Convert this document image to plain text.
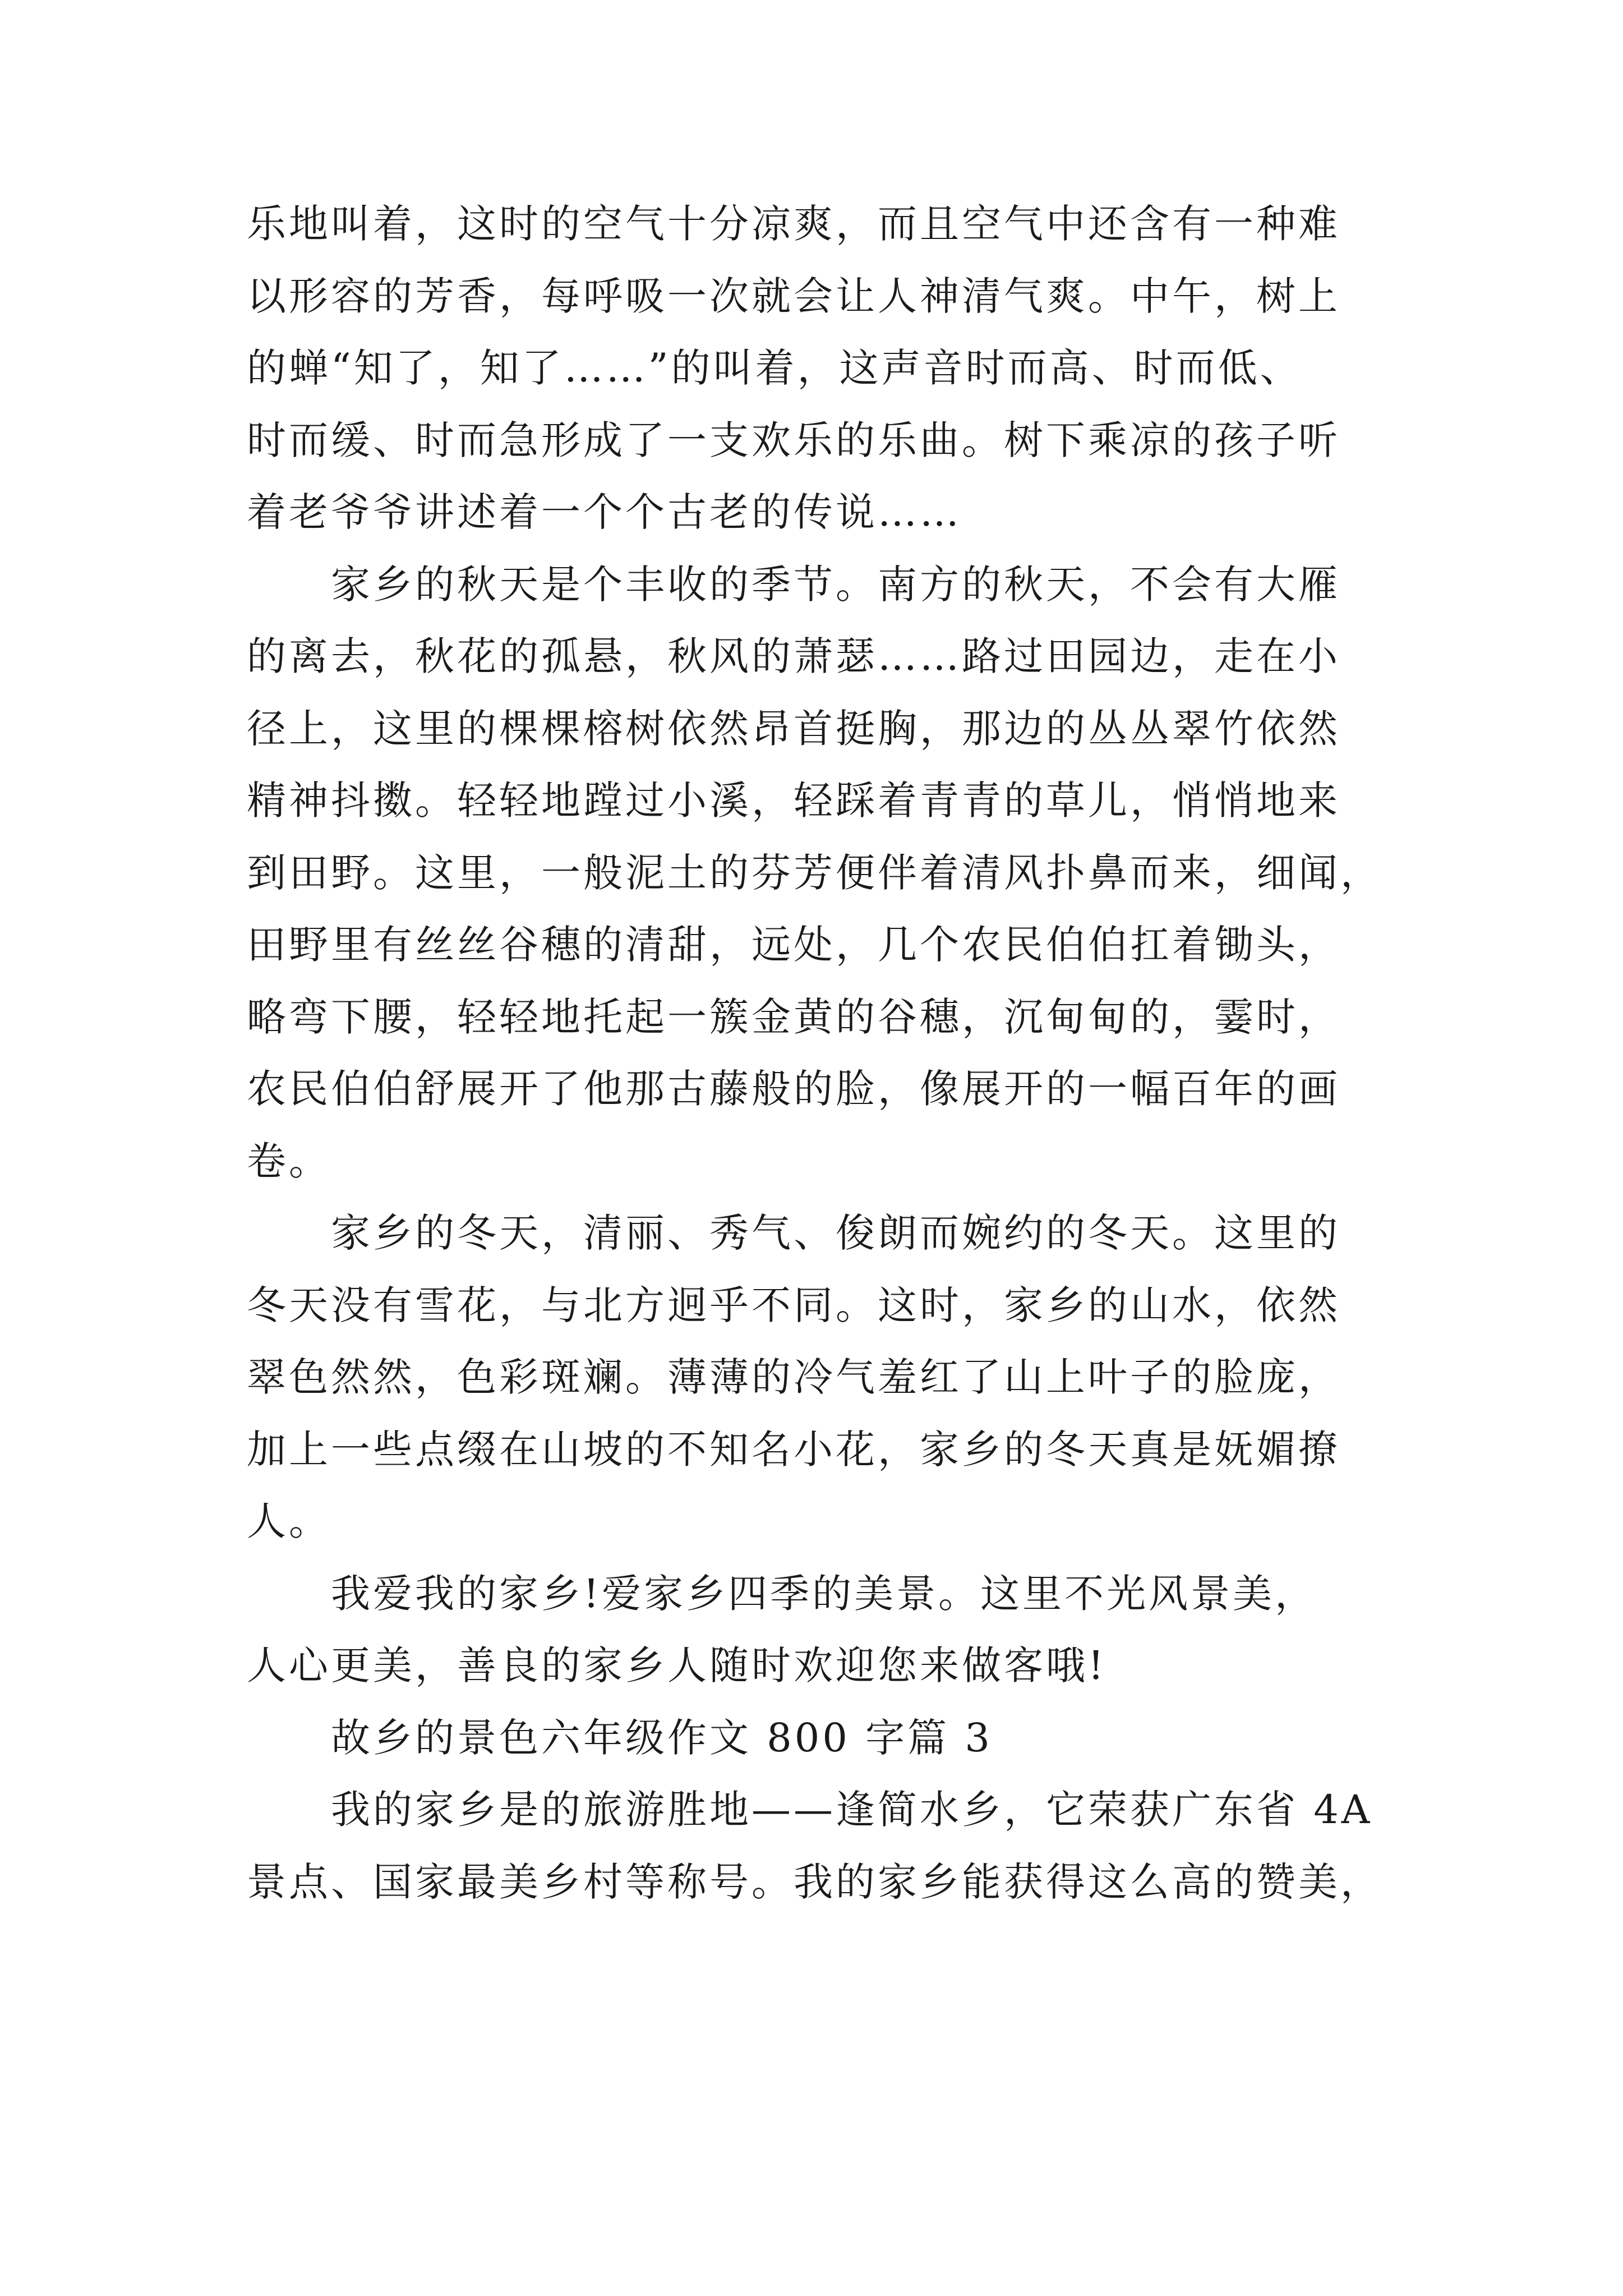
乐地叫着，这时的空气十分凉爽，而且空气中还含有一种难
以形容的芳香，每呼吸一次就会让人神清气爽。中午，树上
的蝉“知了，知了……”的叫着，这声音时而高、时而低、
时而缓、时而急形成了一支欢乐的乐曲。树下乘凉的孩子听
着老爷爷讲述着一个个古老的传说……

家乡的秋天是个丰收的季节。南方的秋天，不会有大雁
的离去，秋花的孤悬，秋风的萧瑟……路过田园边，走在小
径上，这里的棵棵榕树依然昂首挺胸，那边的丛丛翠竹依然
精神抖擞。轻轻地蹚过小溪，轻踩着青青的草儿，悄悄地来
到田野。这里，一般泥土的芬芳便伴着清风扑鼻而来，细闻，
田野里有丝丝谷穗的清甜，远处，几个农民伯伯扛着锄头，
略弯下腰，轻轻地托起一簇金黄的谷穗，沉甸甸的，霎时，
农民伯伯舒展开了他那古藤般的脸，像展开的一幅百年的画
卷。

家乡的冬天，清丽、秀气、俊朗而婉约的冬天。这里的
冬天没有雪花，与北方迥乎不同。这时，家乡的山水，依然
翠色然然，色彩斑斓。薄薄的冷气羞红了山上叶子的脸庞，
加上一些点缀在山坡的不知名小花，家乡的冬天真是妩媚撩
人。

我爱我的家乡!爱家乡四季的美景。这里不光风景美，
人心更美，善良的家乡人随时欢迎您来做客哦!

故乡的景色六年级作文 800 字篇 3

我的家乡是的旅游胜地——逢简水乡，它荣获广东省 4A
景点、国家最美乡村等称号。我的家乡能获得这么高的赞美，
